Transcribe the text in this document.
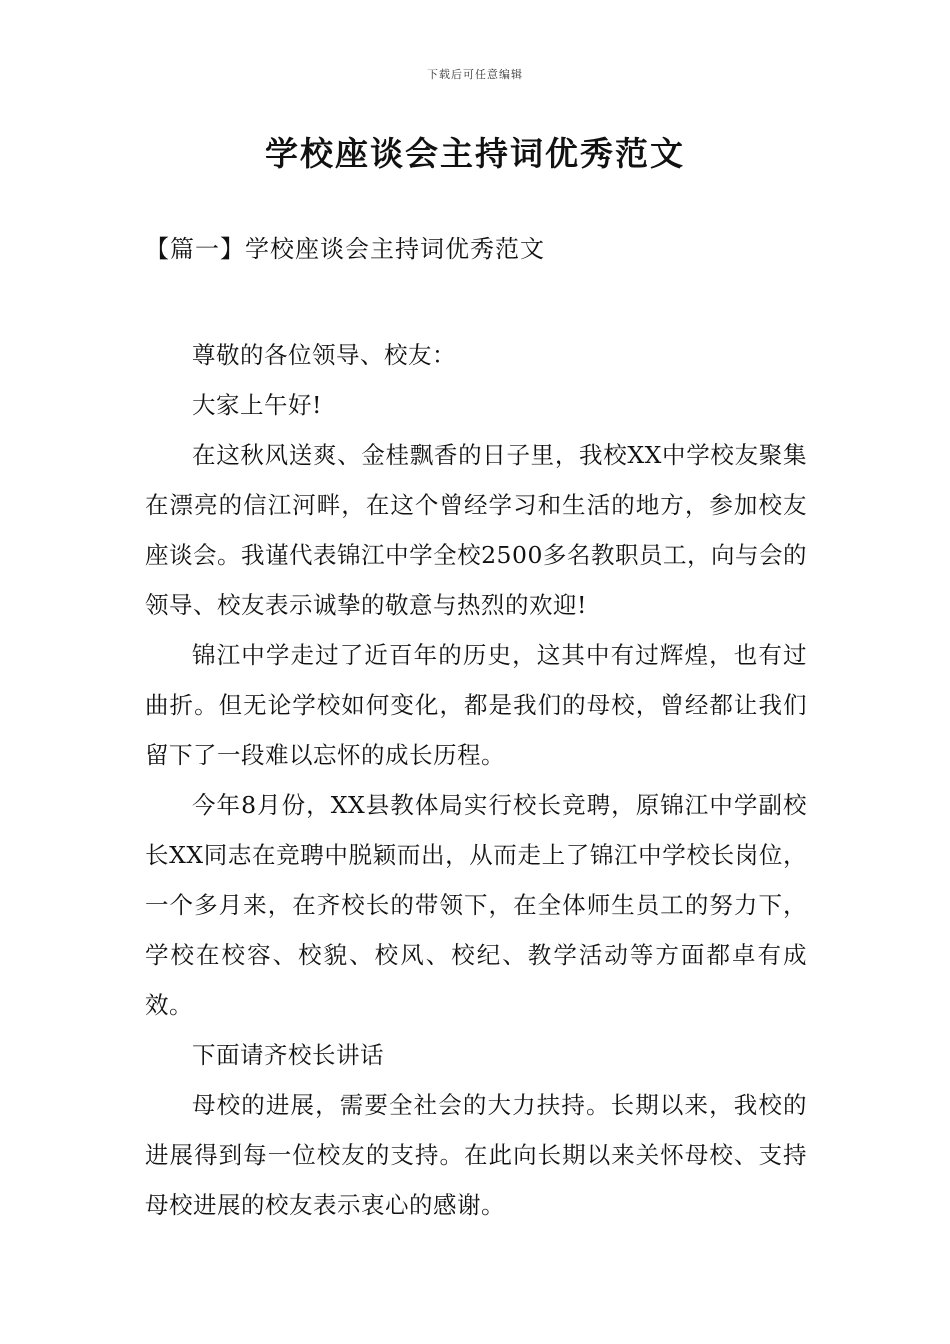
下载后可任意编辑
学校座谈会主持词优秀范文
【篇一】学校座谈会主持词优秀范文

尊敬的各位领导、校友：

大家上午好!

在这秋风送爽、金桂飘香的日子里，我校XX中学校友聚集在漂亮的信江河畔，在这个曾经学习和生活的地方，参加校友座谈会。我谨代表锦江中学全校2500多名教职员工，向与会的领导、校友表示诚挚的敬意与热烈的欢迎!

锦江中学走过了近百年的历史，这其中有过辉煌，也有过曲折。但无论学校如何变化，都是我们的母校，曾经都让我们留下了一段难以忘怀的成长历程。

今年8月份，XX县教体局实行校长竞聘，原锦江中学副校长XX同志在竞聘中脱颖而出，从而走上了锦江中学校长岗位，一个多月来，在齐校长的带领下，在全体师生员工的努力下，学校在校容、校貌、校风、校纪、教学活动等方面都卓有成效。

下面请齐校长讲话

母校的进展，需要全社会的大力扶持。长期以来，我校的进展得到每一位校友的支持。在此向长期以来关怀母校、支持母校进展的校友表示衷心的感谢。
